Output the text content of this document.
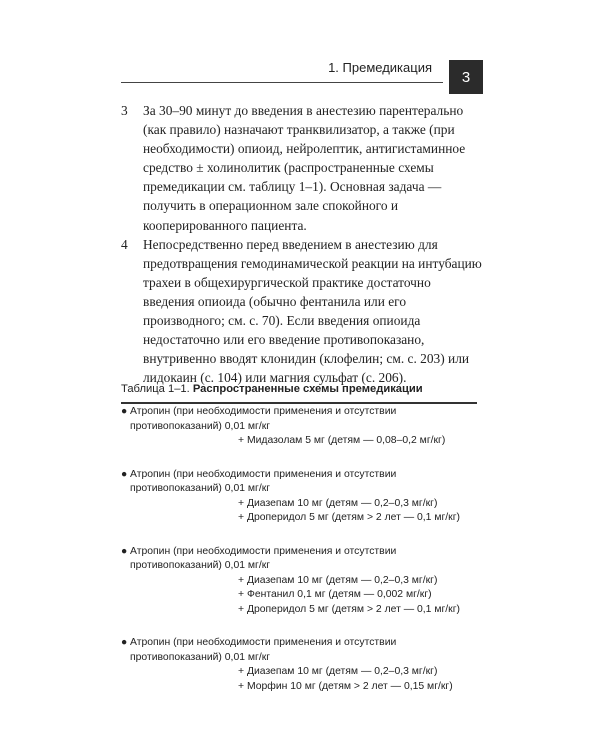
1. Премедикация
3
3	За 30–90 минут до введения в анестезию парентерально (как правило) назначают транквилизатор, а также (при необходимости) опиоид, нейролептик, антигистаминное средство ± холинолитик (распространенные схемы премедикации см. таблицу 1–1). Основная задача — получить в операционном зале спокойного и кооперированного пациента.
4	Непосредственно перед введением в анестезию для предотвращения гемодинамической реакции на интубацию трахеи в общехирургической практике достаточно введения опиоида (обычно фентанила или его производного; см. с. 70). Если введения опиоида недостаточно или его введение противопоказано, внутривенно вводят клонидин (клофелин; см. с. 203) или лидокаин (с. 104) или магния сульфат (с. 206).
Таблица 1–1. Распространенные схемы премедикации
● Атропин (при необходимости применения и отсутствии противопоказаний) 0,01 мг/кг
+ Мидазолам 5 мг (детям — 0,08–0,2 мг/кг)
● Атропин (при необходимости применения и отсутствии противопоказаний) 0,01 мг/кг
+ Диазепам 10 мг (детям — 0,2–0,3 мг/кг)
+ Дроперидол 5 мг (детям > 2 лет — 0,1 мг/кг)
● Атропин (при необходимости применения и отсутствии противопоказаний) 0,01 мг/кг
+ Диазепам 10 мг (детям — 0,2–0,3 мг/кг)
+ Фентанил 0,1 мг (детям — 0,002 мг/кг)
+ Дроперидол 5 мг (детям > 2 лет — 0,1 мг/кг)
● Атропин (при необходимости применения и отсутствии противопоказаний) 0,01 мг/кг
+ Диазепам 10 мг (детям — 0,2–0,3 мг/кг)
+ Морфин 10 мг (детям > 2 лет — 0,15 мг/кг)
